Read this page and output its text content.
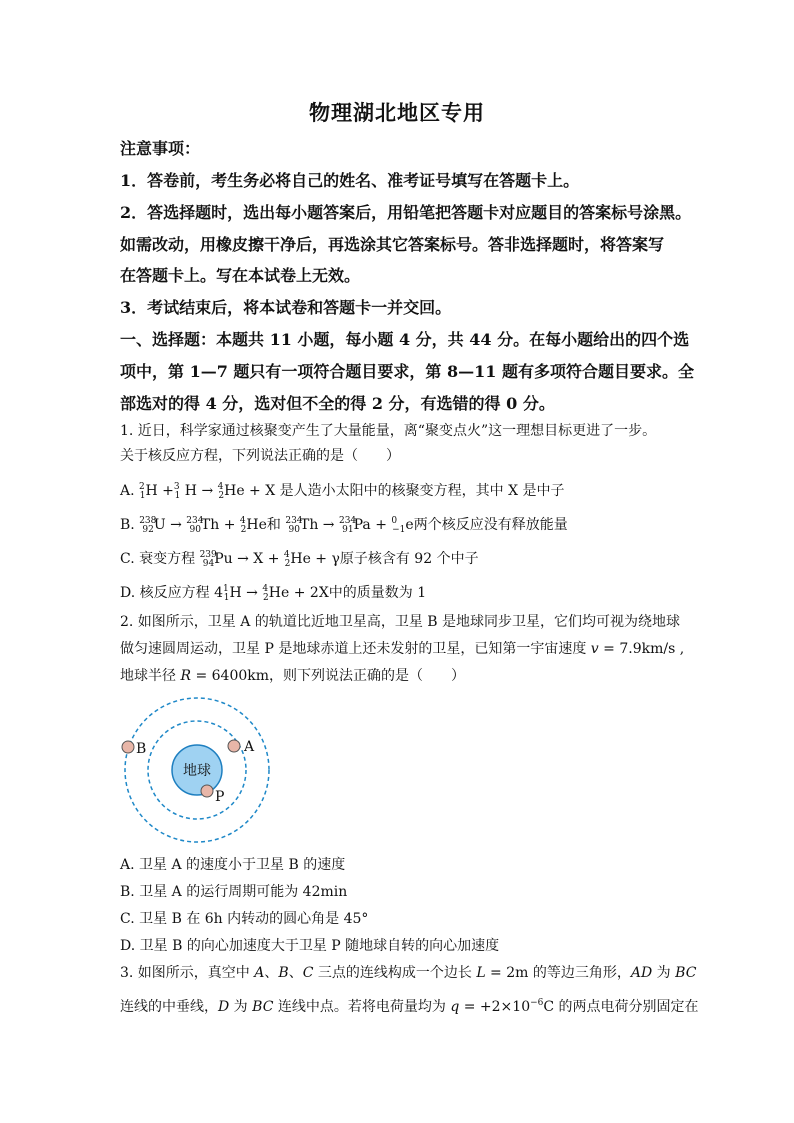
物理湖北地区专用
注意事项：
1．答卷前，考生务必将自己的姓名、准考证号填写在答题卡上。
2．答选择题时，选出每小题答案后，用铅笔把答题卡对应题目的答案标号涂黑。
如需改动，用橡皮擦干净后，再选涂其它答案标号。答非选择题时，将答案写
在答题卡上。写在本试卷上无效。
3．考试结束后，将本试卷和答题卡一并交回。
一、选择题：本题共 11 小题，每小题 4 分，共 44 分。在每小题给出的四个选
项中，第 1—7 题只有一项符合题目要求，第 8—11 题有多项符合题目要求。全
部选对的得 4 分，选对但不全的得 2 分，有选错的得 0 分。
1. 近日，科学家通过核聚变产生了大量能量，离“聚变点火”这一理想目标更进了一步。
关于核反应方程，下列说法正确的是（　　）
A. $^2_1$H +$^3_1$ H → $^4_2$He + X 是人造小太阳中的核聚变方程，其中 X 是中子
B. $^{238}_{92}$U → $^{234}_{90}$Th + $^4_2$He和 $^{234}_{90}$Th → $^{234}_{91}$Pa + $^0_{-1}$e两个核反应没有释放能量
C. 衰变方程 $^{239}_{94}$Pu → X + $^4_2$He + γ原子核含有 92 个中子
D. 核反应方程 $4^1_1H \to ^4_2He + 2X$中的质量数为 1
2. 如图所示，卫星 A 的轨道比近地卫星高，卫星 B 是地球同步卫星，它们均可视为绕地球
做匀速圆周运动，卫星 P 是地球赤道上还未发射的卫星，已知第一宇宙速度 v = 7.9km/s ,
地球半径 R = 6400km，则下列说法正确的是（　　）
地球
B	A
P
A. 卫星 A 的速度小于卫星 B 的速度
B. 卫星 A 的运行周期可能为 42min
C. 卫星 B 在 6h 内转动的圆心角是 45°
D. 卫星 B 的向心加速度大于卫星 P 随地球自转的向心加速度
3. 如图所示，真空中 A、B、C 三点的连线构成一个边长 L = 2m 的等边三角形，AD 为 BC
连线的中垂线，D 为 BC 连线中点。若将电荷量均为 $q = +2\times 10^{-6}C$ 的两点电荷分别固定在
